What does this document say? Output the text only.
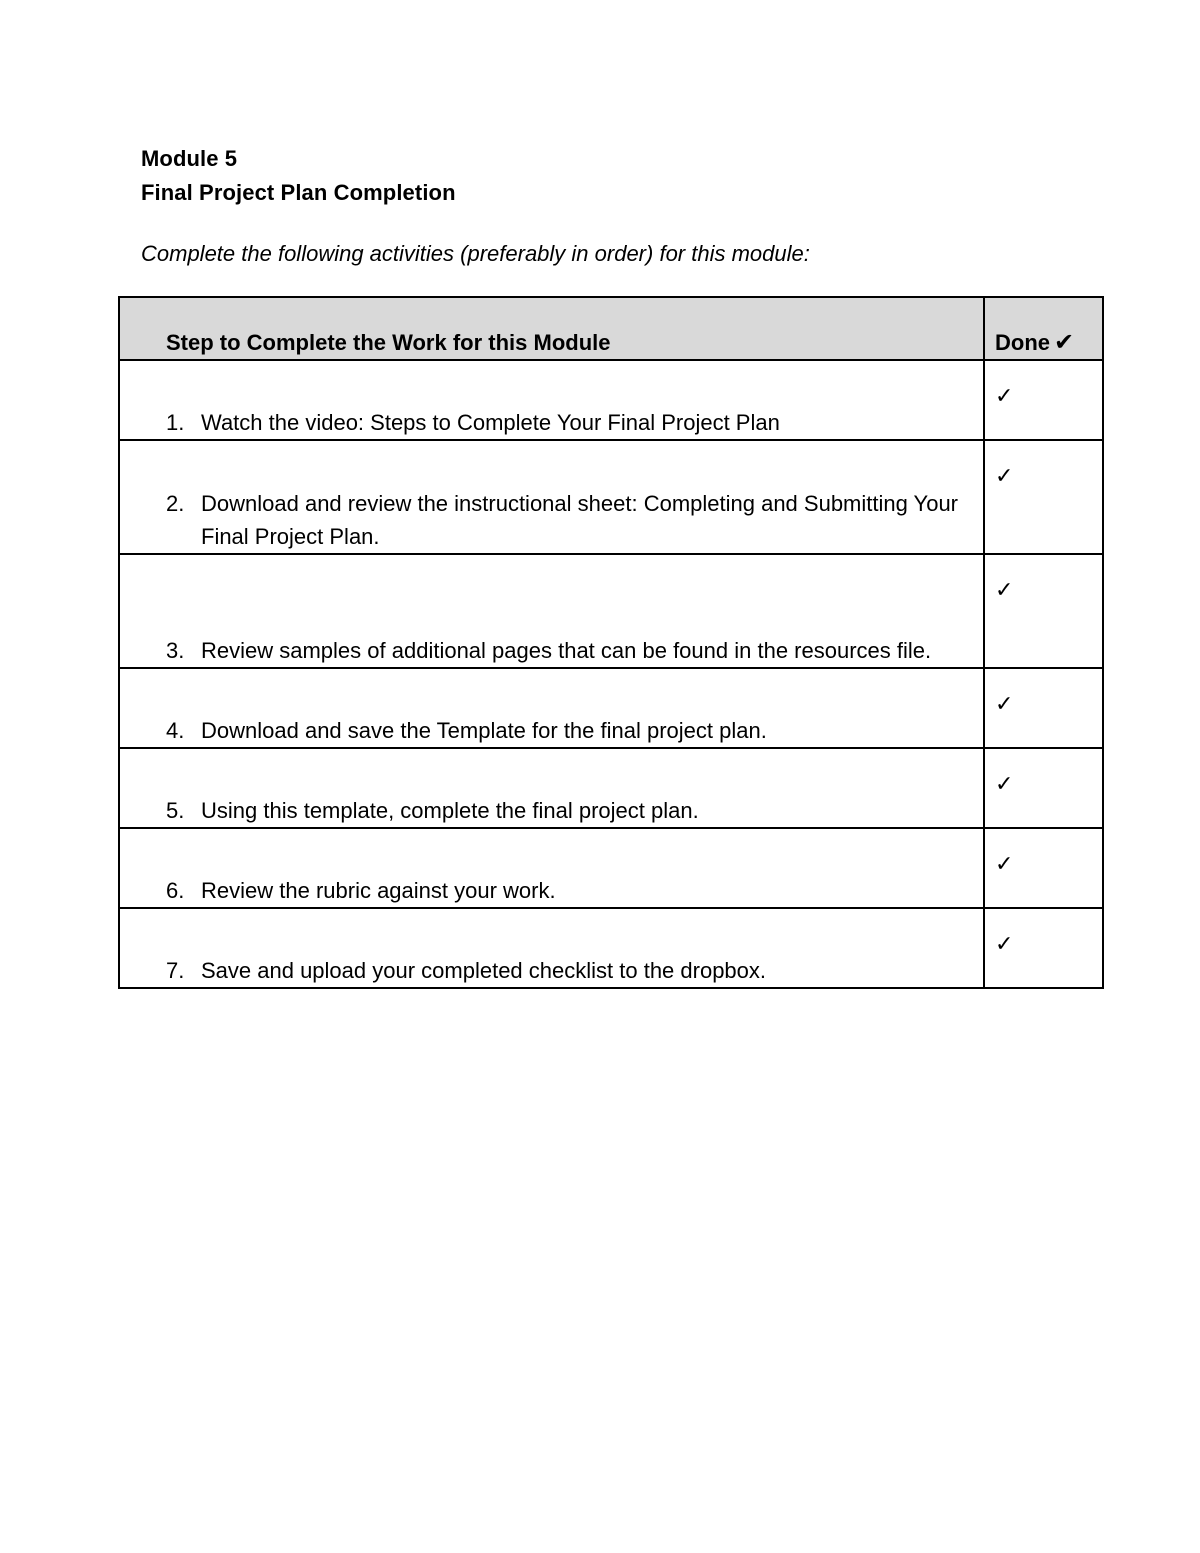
Module 5
Final Project Plan Completion
Complete the following activities (preferably in order) for this module:
Step to Complete the Work for this Module	Done ✔

1. Watch the video: Steps to Complete Your Final Project Plan	✓

2. Download and review the instructional sheet: Completing and Submitting Your Final Project Plan.	✓

3. Review samples of additional pages that can be found in the resources file.	✓

4. Download and save the Template for the final project plan.	✓

5. Using this template, complete the final project plan.	✓

6. Review the rubric against your work.	✓

7. Save and upload your completed checklist to the dropbox.	✓
